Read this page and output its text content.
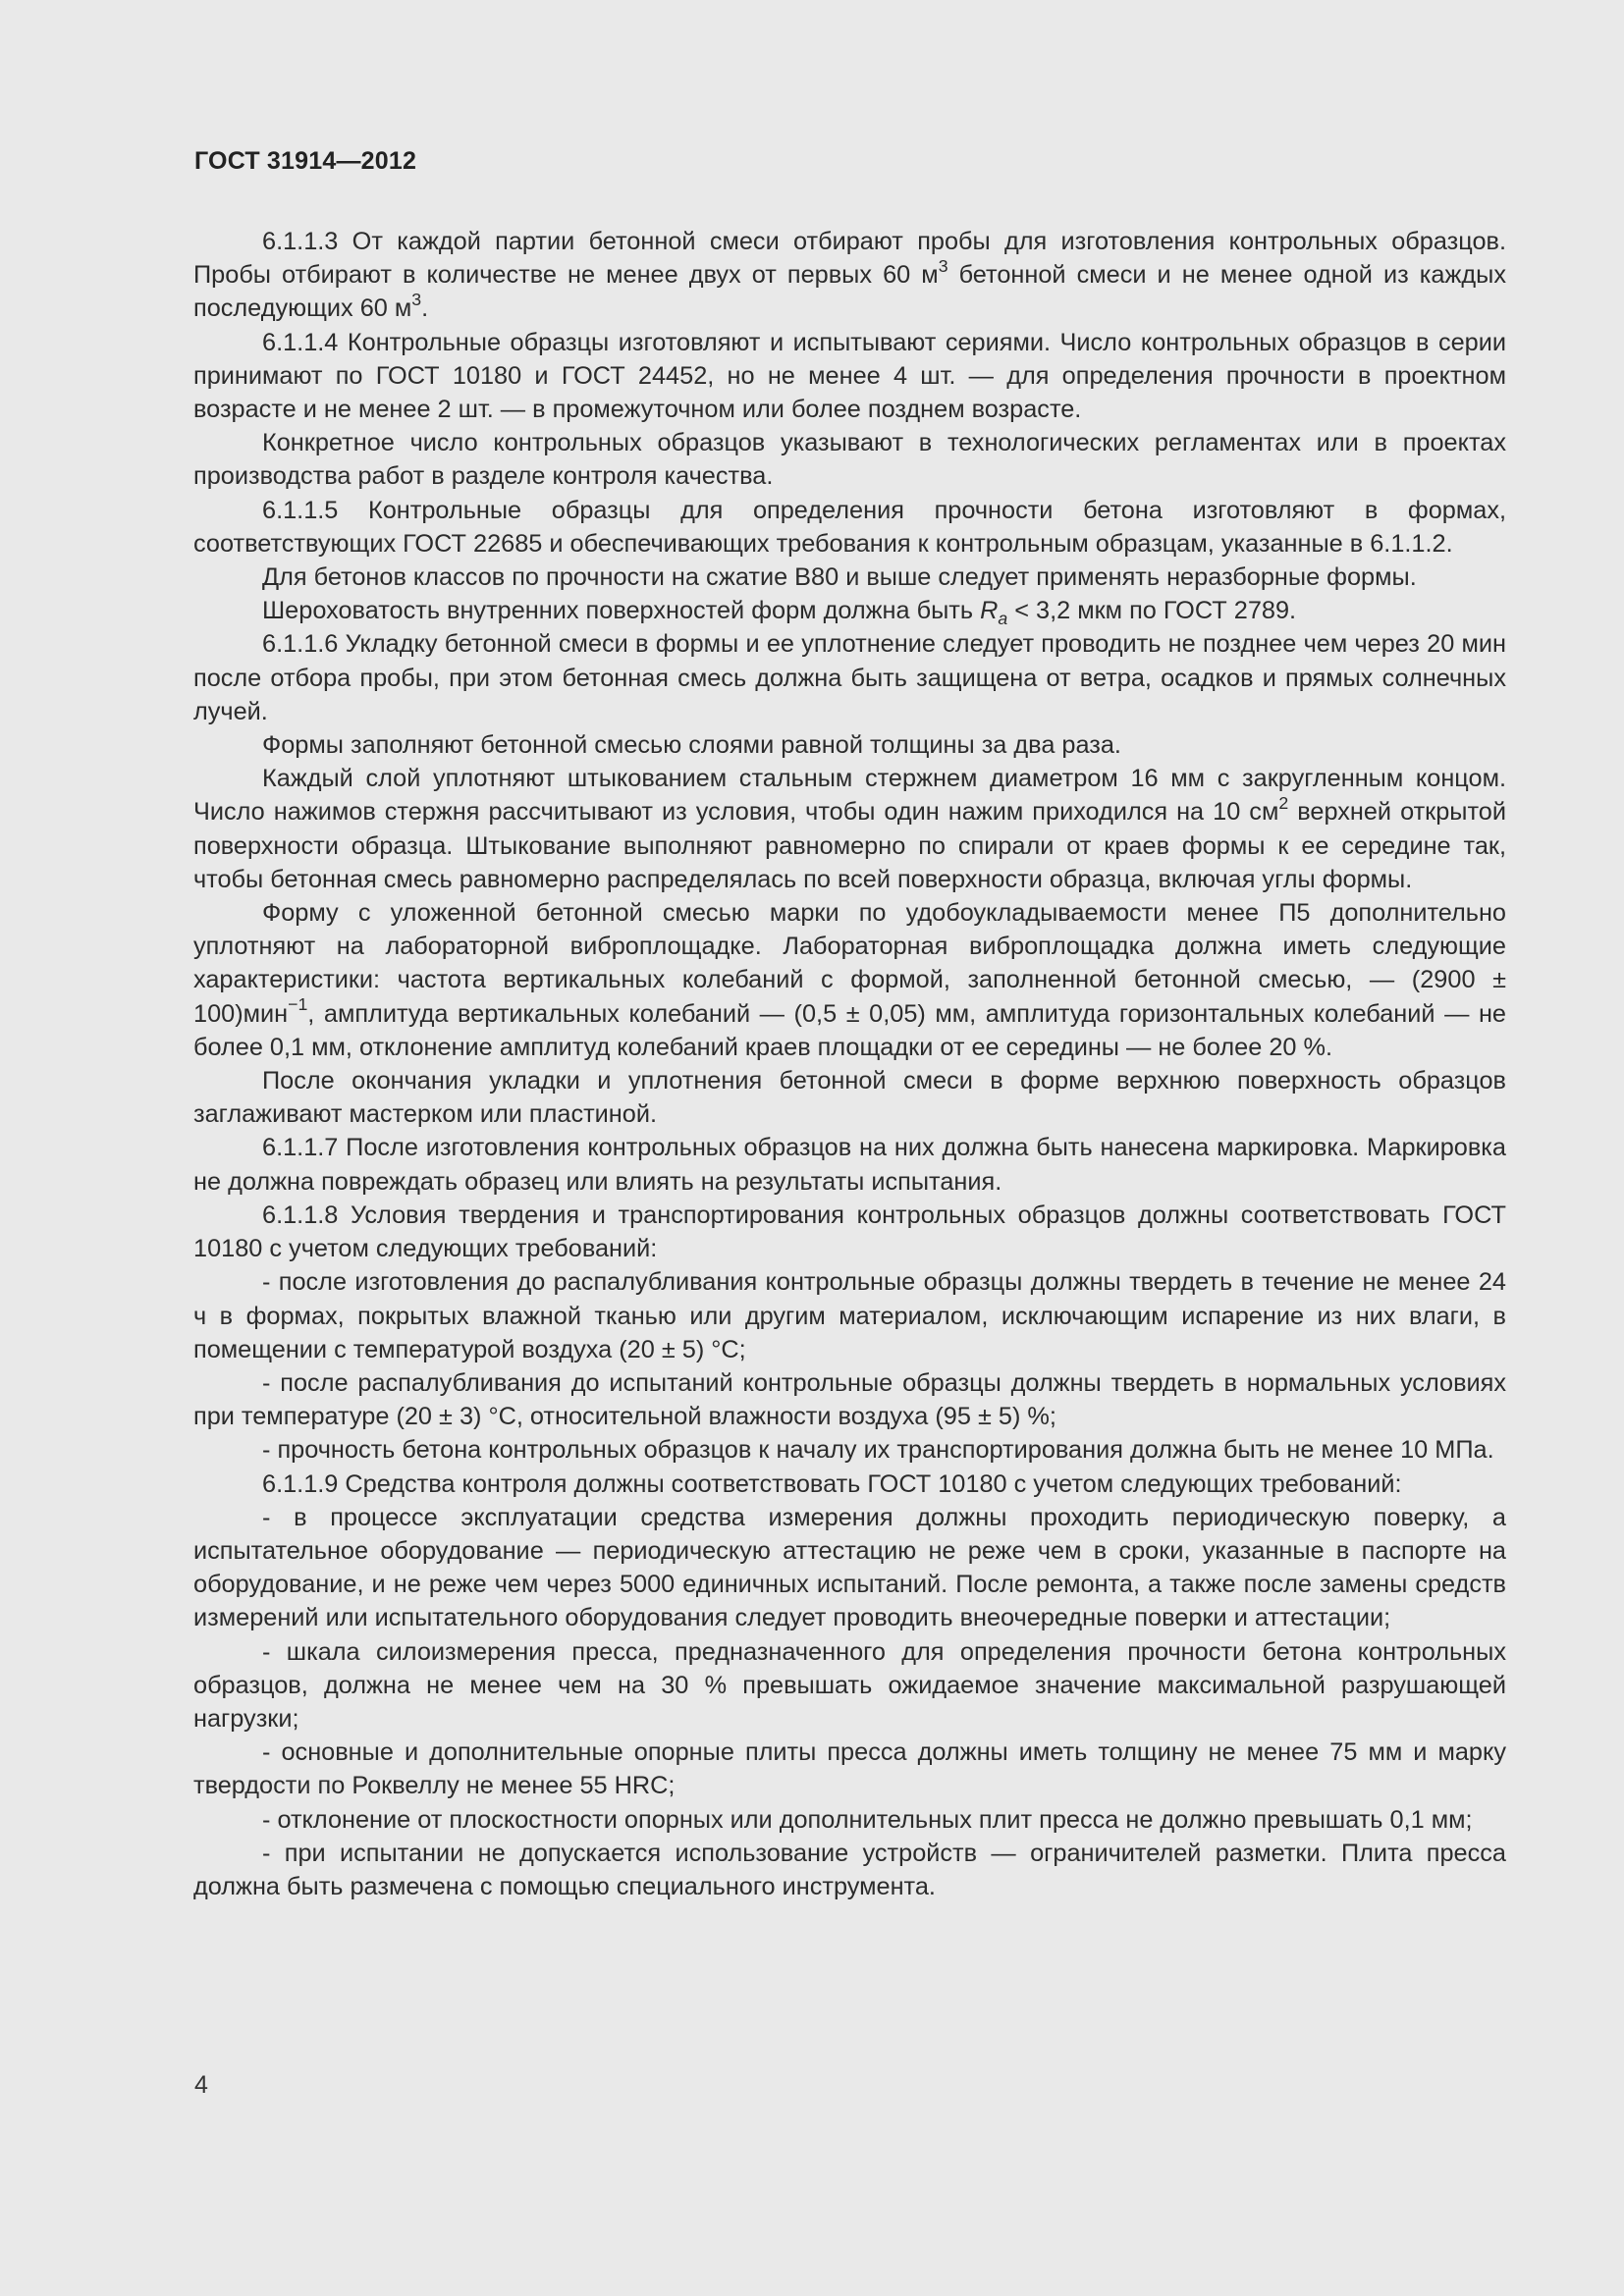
ГОСТ 31914—2012

6.1.1.3 От каждой партии бетонной смеси отбирают пробы для изготовления контрольных образцов. Пробы отбирают в количестве не менее двух от первых 60 $м^3$ бетонной смеси и не менее одной из каждых последующих 60 $м^3$.

6.1.1.4 Контрольные образцы изготовляют и испытывают сериями. Число контрольных образцов в серии принимают по ГОСТ 10180 и ГОСТ 24452, но не менее 4 шт. — для определения прочности в проектном возрасте и не менее 2 шт. — в промежуточном или более позднем возрасте.

Конкретное число контрольных образцов указывают в технологических регламентах или в проектах производства работ в разделе контроля качества.

6.1.1.5 Контрольные образцы для определения прочности бетона изготовляют в формах, соответствующих ГОСТ 22685 и обеспечивающих требования к контрольным образцам, указанные в 6.1.1.2.

Для бетонов классов по прочности на сжатие В80 и выше следует применять неразборные формы.

Шероховатость внутренних поверхностей форм должна быть $R_a < 3,2$ мкм по ГОСТ 2789.

6.1.1.6 Укладку бетонной смеси в формы и ее уплотнение следует проводить не позднее чем через 20 мин после отбора пробы, при этом бетонная смесь должна быть защищена от ветра, осадков и прямых солнечных лучей.

Формы заполняют бетонной смесью слоями равной толщины за два раза.

Каждый слой уплотняют штыкованием стальным стержнем диаметром 16 мм с закругленным концом. Число нажимов стержня рассчитывают из условия, чтобы один нажим приходился на 10 $см^2$ верхней открытой поверхности образца. Штыкование выполняют равномерно по спирали от краев формы к ее середине так, чтобы бетонная смесь равномерно распределялась по всей поверхности образца, включая углы формы.

Форму с уложенной бетонной смесью марки по удобоукладываемости менее П5 дополнительно уплотняют на лабораторной виброплощадке. Лабораторная виброплощадка должна иметь следующие характеристики: частота вертикальных колебаний с формой, заполненной бетонной смесью, — (2900 ± 100)мин$^{-1}$, амплитуда вертикальных колебаний — (0,5 ± 0,05) мм, амплитуда горизонтальных колебаний — не более 0,1 мм, отклонение амплитуд колебаний краев площадки от ее середины — не более 20 %.

После окончания укладки и уплотнения бетонной смеси в форме верхнюю поверхность образцов заглаживают мастерком или пластиной.

6.1.1.7 После изготовления контрольных образцов на них должна быть нанесена маркировка. Маркировка не должна повреждать образец или влиять на результаты испытания.

6.1.1.8 Условия твердения и транспортирования контрольных образцов должны соответствовать ГОСТ 10180 с учетом следующих требований:

- после изготовления до распалубливания контрольные образцы должны твердеть в течение не менее 24 ч в формах, покрытых влажной тканью или другим материалом, исключающим испарение из них влаги, в помещении с температурой воздуха (20 ± 5) °С;

- после распалубливания до испытаний контрольные образцы должны твердеть в нормальных условиях при температуре (20 ± 3) °С, относительной влажности воздуха (95 ± 5) %;

- прочность бетона контрольных образцов к началу их транспортирования должна быть не менее 10 МПа.

6.1.1.9 Средства контроля должны соответствовать ГОСТ 10180 с учетом следующих требований:

- в процессе эксплуатации средства измерения должны проходить периодическую поверку, а испытательное оборудование — периодическую аттестацию не реже чем в сроки, указанные в паспорте на оборудование, и не реже чем через 5000 единичных испытаний. После ремонта, а также после замены средств измерений или испытательного оборудования следует проводить внеочередные поверки и аттестации;

- шкала силоизмерения пресса, предназначенного для определения прочности бетона контрольных образцов, должна не менее чем на 30 % превышать ожидаемое значение максимальной разрушающей нагрузки;

- основные и дополнительные опорные плиты пресса должны иметь толщину не менее 75 мм и марку твердости по Роквеллу не менее 55 HRC;

- отклонение от плоскостности опорных или дополнительных плит пресса не должно превышать 0,1 мм;

- при испытании не допускается использование устройств — ограничителей разметки. Плита пресса должна быть размечена с помощью специального инструмента.

4
